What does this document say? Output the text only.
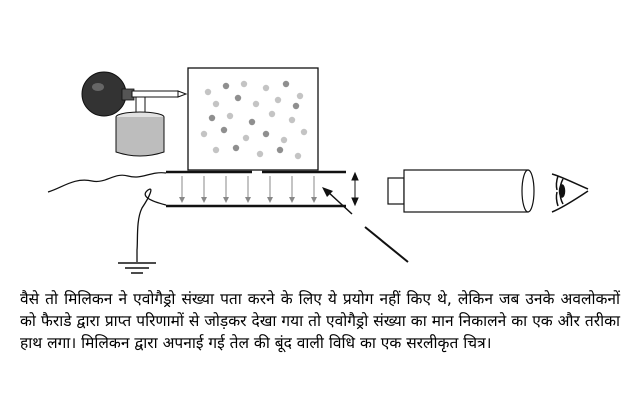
वैसे तो मिलिकन ने एवोगैड्रो संख्या पता करने के लिए ये प्रयोग नहीं किए थे, लेकिन जब उनके अवलोकनों को फैराडे द्वारा प्राप्त परिणामों से जोड़कर देखा गया तो एवोगैड्रो संख्या का मान निकालने का एक और तरीका हाथ लगा। मिलिकन द्वारा अपनाई गई तेल की बूंद वाली विधि का एक सरलीकृत चित्र।
